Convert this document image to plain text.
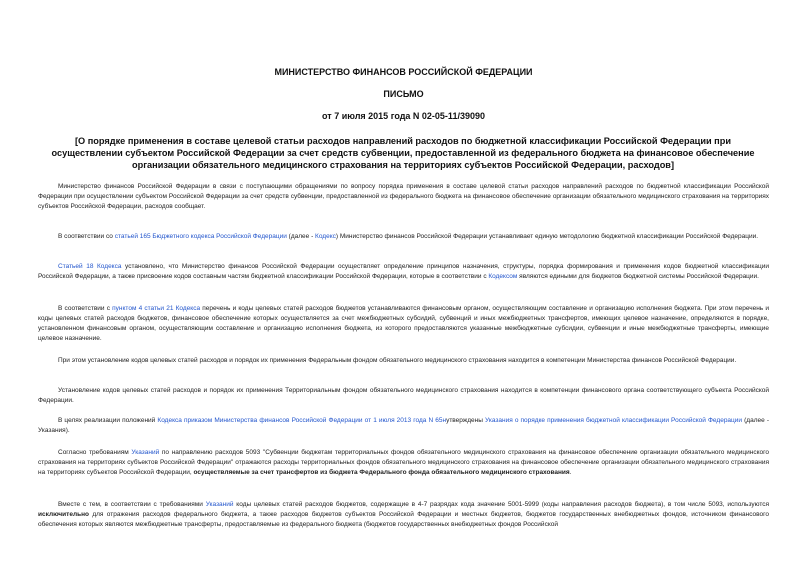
МИНИСТЕРСТВО ФИНАНСОВ РОССИЙСКОЙ ФЕДЕРАЦИИ
ПИСЬМО
от 7 июля 2015 года N 02-05-11/39090
[О порядке применения в составе целевой статьи расходов направлений расходов по бюджетной классификации Российской Федерации при осуществлении субъектом Российской Федерации за счет средств субвенции, предоставленной из федерального бюджета на финансовое обеспечение организации обязательного медицинского страхования на территориях субъектов Российской Федерации, расходов]

Министерство финансов Российской Федерации в связи с поступающими обращениями по вопросу порядка применения в составе целевой статьи расходов направлений расходов по бюджетной классификации Российской Федерации при осуществлении субъектом Российской Федерации за счет средств субвенции, предоставленной из федерального бюджета на финансовое обеспечение организации обязательного медицинского страхования на территориях субъектов Российской Федерации, расходов сообщает.

В соответствии со статьей 165 Бюджетного кодекса Российской Федерации (далее - Кодекс) Министерство финансов Российской Федерации устанавливает единую методологию бюджетной классификации Российской Федерации.

Статьей 18 Кодекса установлено, что Министерство финансов Российской Федерации осуществляет определение принципов назначения, структуры, порядка формирования и применения кодов бюджетной классификации Российской Федерации, а также присвоение кодов составным частям бюджетной классификации Российской Федерации, которые в соответствии с Кодексом являются едиными для бюджетов бюджетной системы Российской Федерации.

В соответствии с пунктом 4 статьи 21 Кодекса перечень и коды целевых статей расходов бюджетов устанавливаются финансовым органом, осуществляющим составление и организацию исполнения бюджета. При этом перечень и коды целевых статей расходов бюджетов, финансовое обеспечение которых осуществляется за счет межбюджетных субсидий, субвенций и иных межбюджетных трансфертов, имеющих целевое назначение, определяются в порядке, установленном финансовым органом, осуществляющим составление и организацию исполнения бюджета, из которого предоставляются указанные межбюджетные субсидии, субвенции и иные межбюджетные трансферты, имеющие целевое назначение.

При этом установление кодов целевых статей расходов и порядок их применения Федеральным фондом обязательного медицинского страхования находится в компетенции Министерства финансов Российской Федерации.

Установление кодов целевых статей расходов и порядок их применения Территориальным фондом обязательного медицинского страхования находится в компетенции финансового органа соответствующего субъекта Российской Федерации.

В целях реализации положений Кодекса приказом Министерства финансов Российской Федерации от 1 июля 2013 года N 65нутверждены Указания о порядке применения бюджетной классификации Российской Федерации (далее - Указания).

Согласно требованиям Указаний по направлению расходов 5093 "Субвенции бюджетам территориальных фондов обязательного медицинского страхования на финансовое обеспечение организации обязательного медицинского страхования на территориях субъектов Российской Федерации" отражаются расходы территориальных фондов обязательного медицинского страхования на финансовое обеспечение организации обязательного медицинского страхования на территориях субъектов Российской Федерации, осуществляемые за счет трансфертов из бюджета Федерального фонда обязательного медицинского страхования.

Вместе с тем, в соответствии с требованиями Указаний коды целевых статей расходов бюджетов, содержащие в 4-7 разрядах кода значение 5001-5999 (коды направления расходов бюджета), в том числе 5093, используются исключительно для отражения расходов федерального бюджета, а также расходов бюджетов субъектов Российской Федерации и местных бюджетов, бюджетов государственных внебюджетных фондов, источником финансового обеспечения которых являются межбюджетные трансферты, предоставляемые из федерального бюджета (бюджетов государственных внебюджетных фондов Российской
